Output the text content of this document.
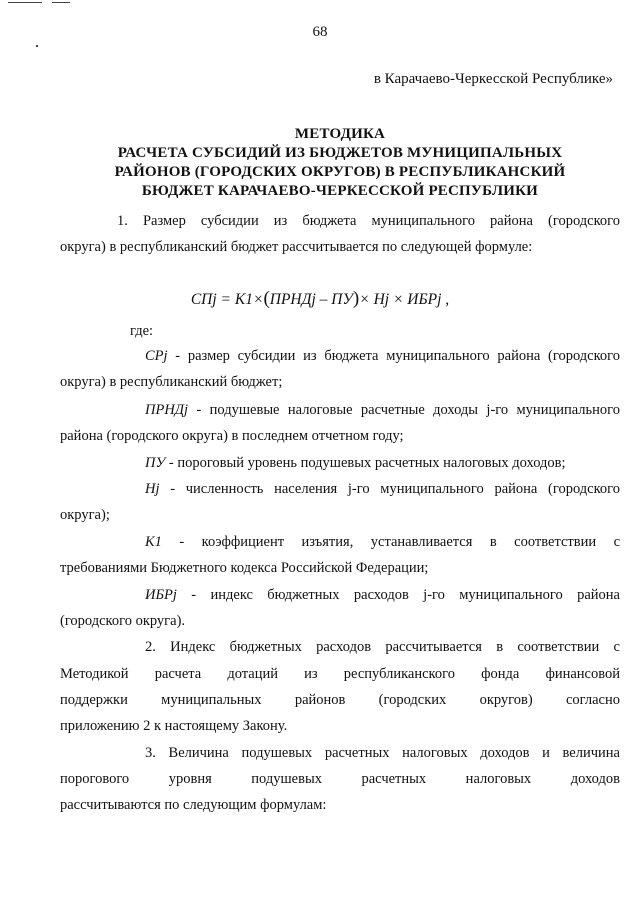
68
в Карачаево-Черкесской Республике»
МЕТОДИКА
РАСЧЕТА СУБСИДИЙ ИЗ БЮДЖЕТОВ МУНИЦИПАЛЬНЫХ
РАЙОНОВ (ГОРОДСКИХ ОКРУГОВ) В РЕСПУБЛИКАНСКИЙ
БЮДЖЕТ КАРАЧАЕВО-ЧЕРКЕССКОЙ РЕСПУБЛИКИ
1. Размер субсидии из бюджета муниципального района (городского
округа) в республиканский бюджет рассчитывается по следующей формуле:
СПj = K1×(ПРНДj – ПУ)× Hj × ИБРj ,
где:
СРj - размер субсидии из бюджета муниципального района (городского
округа) в республиканский бюджет;
ПРНДj - подушевые налоговые расчетные доходы j-го муниципального
района (городского округа) в последнем отчетном году;
ПУ - пороговый уровень подушевых расчетных налоговых доходов;
Hj - численность населения j-го муниципального района (городского
округа);
K1 - коэффициент изъятия, устанавливается в соответствии с
требованиями Бюджетного кодекса Российской Федерации;
ИБРj - индекс бюджетных расходов j-го муниципального района
(городского округа).
2. Индекс бюджетных расходов рассчитывается в соответствии с
Методикой расчета дотаций из республиканского фонда финансовой
поддержки муниципальных районов (городских округов) согласно
приложению 2 к настоящему Закону.
3. Величина подушевых расчетных налоговых доходов и величина
порогового уровня подушевых расчетных налоговых доходов
рассчитываются по следующим формулам:
